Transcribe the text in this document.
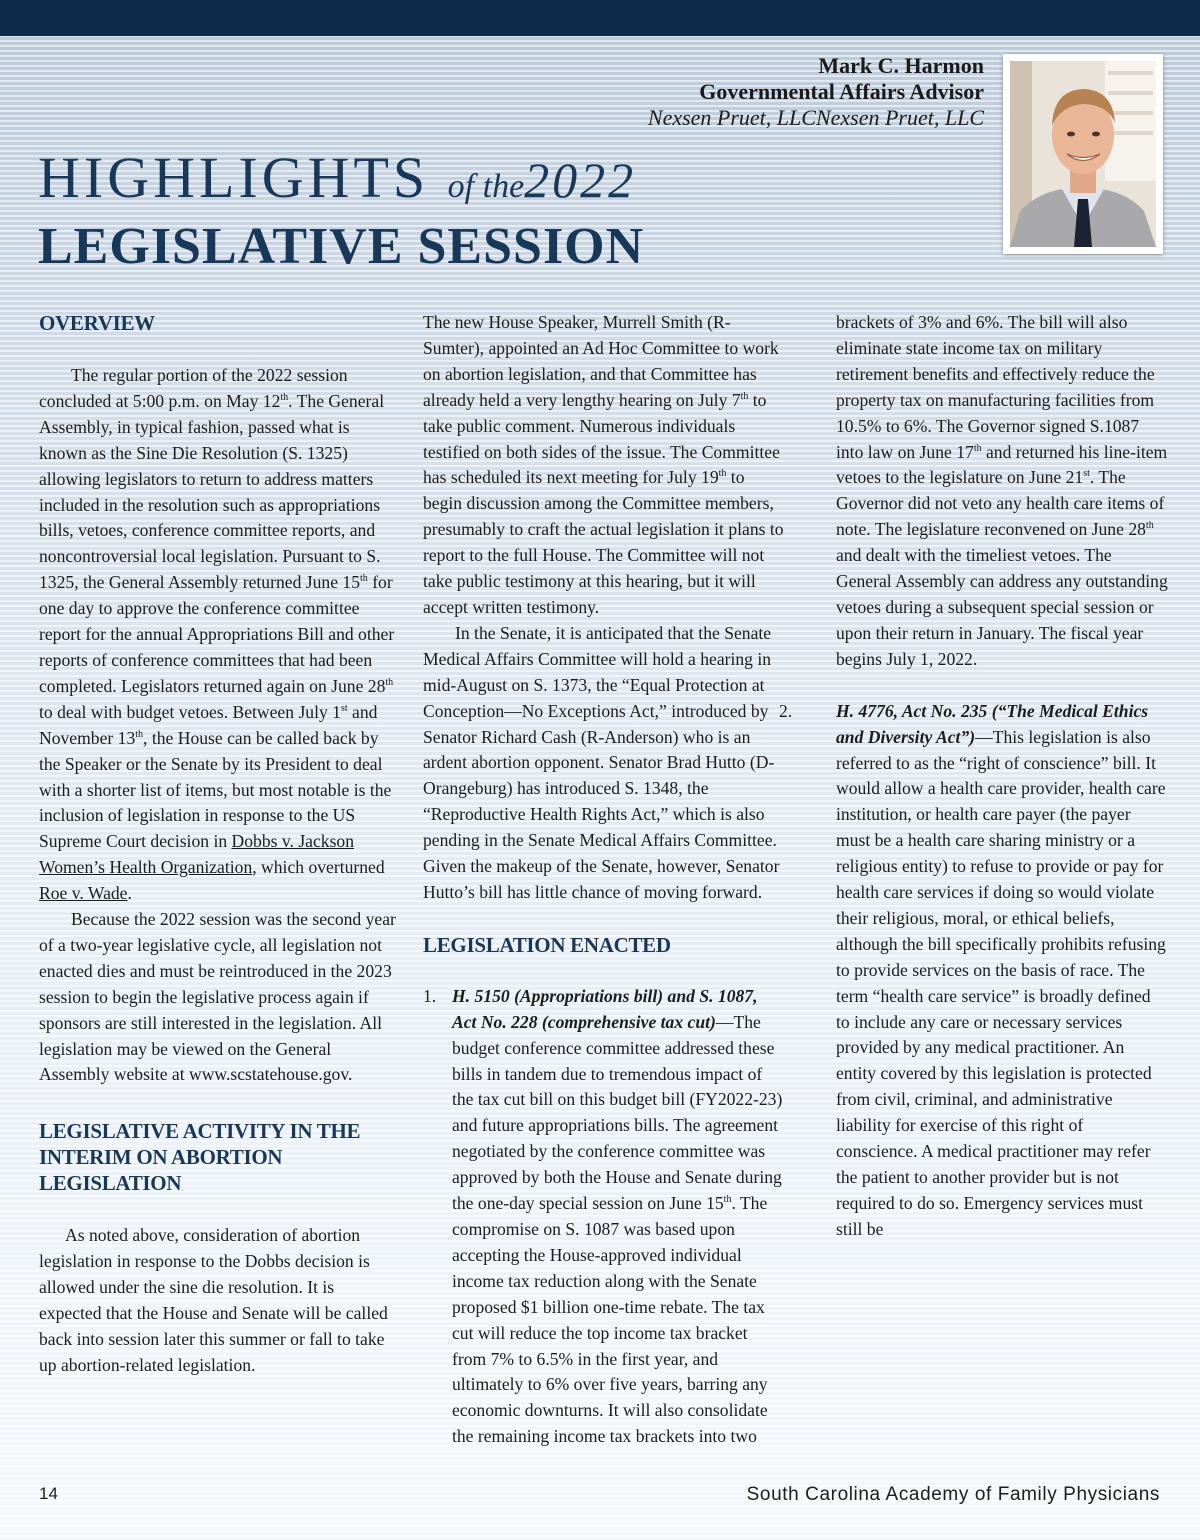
Mark C. Harmon
Governmental Affairs Advisor
Nexsen Pruet, LLCNexsen Pruet, LLC
HIGHLIGHTS of the2022
LEGISLATIVE SESSION
OVERVIEW

The regular portion of the 2022 session concluded at 5:00 p.m. on May 12th. The General Assembly, in typical fashion, passed what is known as the Sine Die Resolution (S. 1325) allowing legislators to return to address matters included in the resolution such as appropriations bills, vetoes, conference committee reports, and noncontroversial local legislation. Pursuant to S. 1325, the General Assembly returned June 15th for one day to approve the conference committee report for the annual Appropriations Bill and other reports of conference committees that had been completed. Legislators returned again on June 28th to deal with budget vetoes. Between July 1st and November 13th, the House can be called back by the Speaker or the Senate by its President to deal with a shorter list of items, but most notable is the inclusion of legislation in response to the US Supreme Court decision in Dobbs v. Jackson Women’s Health Organization, which overturned Roe v. Wade.

Because the 2022 session was the second year of a two-year legislative cycle, all legislation not enacted dies and must be reintroduced in the 2023 session to begin the legislative process again if sponsors are still interested in the legislation. All legislation may be viewed on the General Assembly website at www.scstatehouse.gov.

LEGISLATIVE ACTIVITY IN THE INTERIM ON ABORTION LEGISLATION

As noted above, consideration of abortion legislation in response to the Dobbs decision is allowed under the sine die resolution. It is expected that the House and Senate will be called back into session later this summer or fall to take up abortion-related legislation.

The new House Speaker, Murrell Smith (R-Sumter), appointed an Ad Hoc Committee to work on abortion legislation, and that Committee has already held a very lengthy hearing on July 7th to take public comment. Numerous individuals testified on both sides of the issue. The Committee has scheduled its next meeting for July 19th to begin discussion among the Committee members, presumably to craft the actual legislation it plans to report to the full House. The Committee will not take public testimony at this hearing, but it will accept written testimony.

In the Senate, it is anticipated that the Senate Medical Affairs Committee will hold a hearing in mid-August on S. 1373, the “Equal Protection at Conception—No Exceptions Act,” introduced by Senator Richard Cash (R-Anderson) who is an ardent abortion opponent. Senator Brad Hutto (D-Orangeburg) has introduced S. 1348, the “Reproductive Health Rights Act,” which is also pending in the Senate Medical Affairs Committee. Given the makeup of the Senate, however, Senator Hutto’s bill has little chance of moving forward.

LEGISLATION ENACTED
1. H. 5150 (Appropriations bill) and S. 1087, Act No. 228 (comprehensive tax cut)—The budget conference committee addressed these bills in tandem due to tremendous impact of the tax cut bill on this budget bill (FY2022-23) and future appropriations bills. The agreement negotiated by the conference committee was approved by both the House and Senate during the one-day special session on June 15th. The compromise on S. 1087 was based upon accepting the House-approved individual income tax reduction along with the Senate proposed $1 billion one-time rebate. The tax cut will reduce the top income tax bracket from 7% to 6.5% in the first year, and ultimately to 6% over five years, barring any economic downturns. It will also consolidate the remaining income tax brackets into two
brackets of 3% and 6%. The bill will also eliminate state income tax on military retirement benefits and effectively reduce the property tax on manufacturing facilities from 10.5% to 6%. The Governor signed S.1087 into law on June 17th and returned his line-item vetoes to the legislature on June 21st. The Governor did not veto any health care items of note. The legislature reconvened on June 28th and dealt with the timeliest vetoes. The General Assembly can address any outstanding vetoes during a subsequent special session or upon their return in January. The fiscal year begins July 1, 2022.
2. H. 4776, Act No. 235 (“The Medical Ethics and Diversity Act”)—This legislation is also referred to as the “right of conscience” bill. It would allow a health care provider, health care institution, or health care payer (the payer must be a health care sharing ministry or a religious entity) to refuse to provide or pay for health care services if doing so would violate their religious, moral, or ethical beliefs, although the bill specifically prohibits refusing to provide services on the basis of race. The term “health care service” is broadly defined to include any care or necessary services provided by any medical practitioner. An entity covered by this legislation is protected from civil, criminal, and administrative liability for exercise of this right of conscience. A medical practitioner may refer the patient to another provider but is not required to do so. Emergency services must still be
14	South Carolina Academy of Family Physicians
